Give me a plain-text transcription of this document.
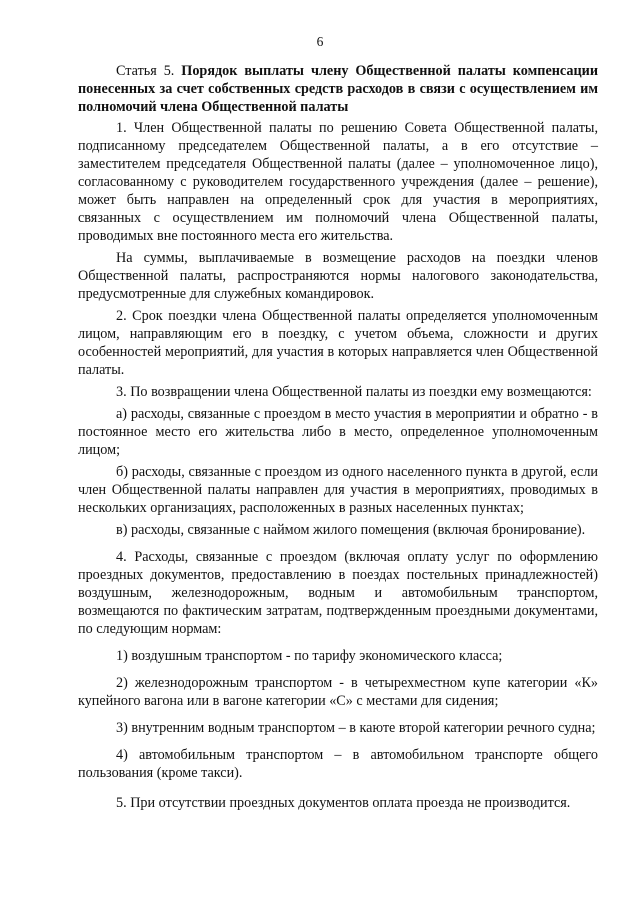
6
Статья 5. Порядок выплаты члену Общественной палаты компенсации понесенных за счет собственных средств расходов в связи с осуществлением им полномочий члена Общественной палаты

1. Член Общественной палаты по решению Совета Общественной палаты, подписанному председателем Общественной палаты, а в его отсутствие – заместителем председателя Общественной палаты (далее – уполномоченное лицо), согласованному с руководителем государственного учреждения (далее – решение), может быть направлен на определенный срок для участия в мероприятиях, связанных с осуществлением им полномочий члена Общественной палаты, проводимых вне постоянного места его жительства.

На суммы, выплачиваемые в возмещение расходов на поездки членов Общественной палаты, распространяются нормы налогового законодательства, предусмотренные для служебных командировок.

2. Срок поездки члена Общественной палаты определяется уполномоченным лицом, направляющим его в поездку, с учетом объема, сложности и других особенностей мероприятий, для участия в которых направляется член Общественной палаты.

3. По возвращении члена Общественной палаты из поездки ему возмещаются:

а) расходы, связанные с проездом в место участия в мероприятии и обратно - в постоянное место его жительства либо в место, определенное уполномоченным лицом;

б) расходы, связанные с проездом из одного населенного пункта в другой, если член Общественной палаты направлен для участия в мероприятиях, проводимых в нескольких организациях, расположенных в разных населенных пунктах;

в) расходы, связанные с наймом жилого помещения (включая бронирование).

4. Расходы, связанные с проездом (включая оплату услуг по оформлению проездных документов, предоставлению в поездах постельных принадлежностей) воздушным, железнодорожным, водным и автомобильным транспортом, возмещаются по фактическим затратам, подтвержденным проездными документами, по следующим нормам:

1) воздушным транспортом - по тарифу экономического класса;

2) железнодорожным транспортом - в четырехместном купе категории «К» купейного вагона или в вагоне категории «С» с местами для сидения;

3) внутренним водным транспортом – в каюте второй категории речного судна;

4) автомобильным транспортом – в автомобильном транспорте общего пользования (кроме такси).

5. При отсутствии проездных документов оплата проезда не производится.
